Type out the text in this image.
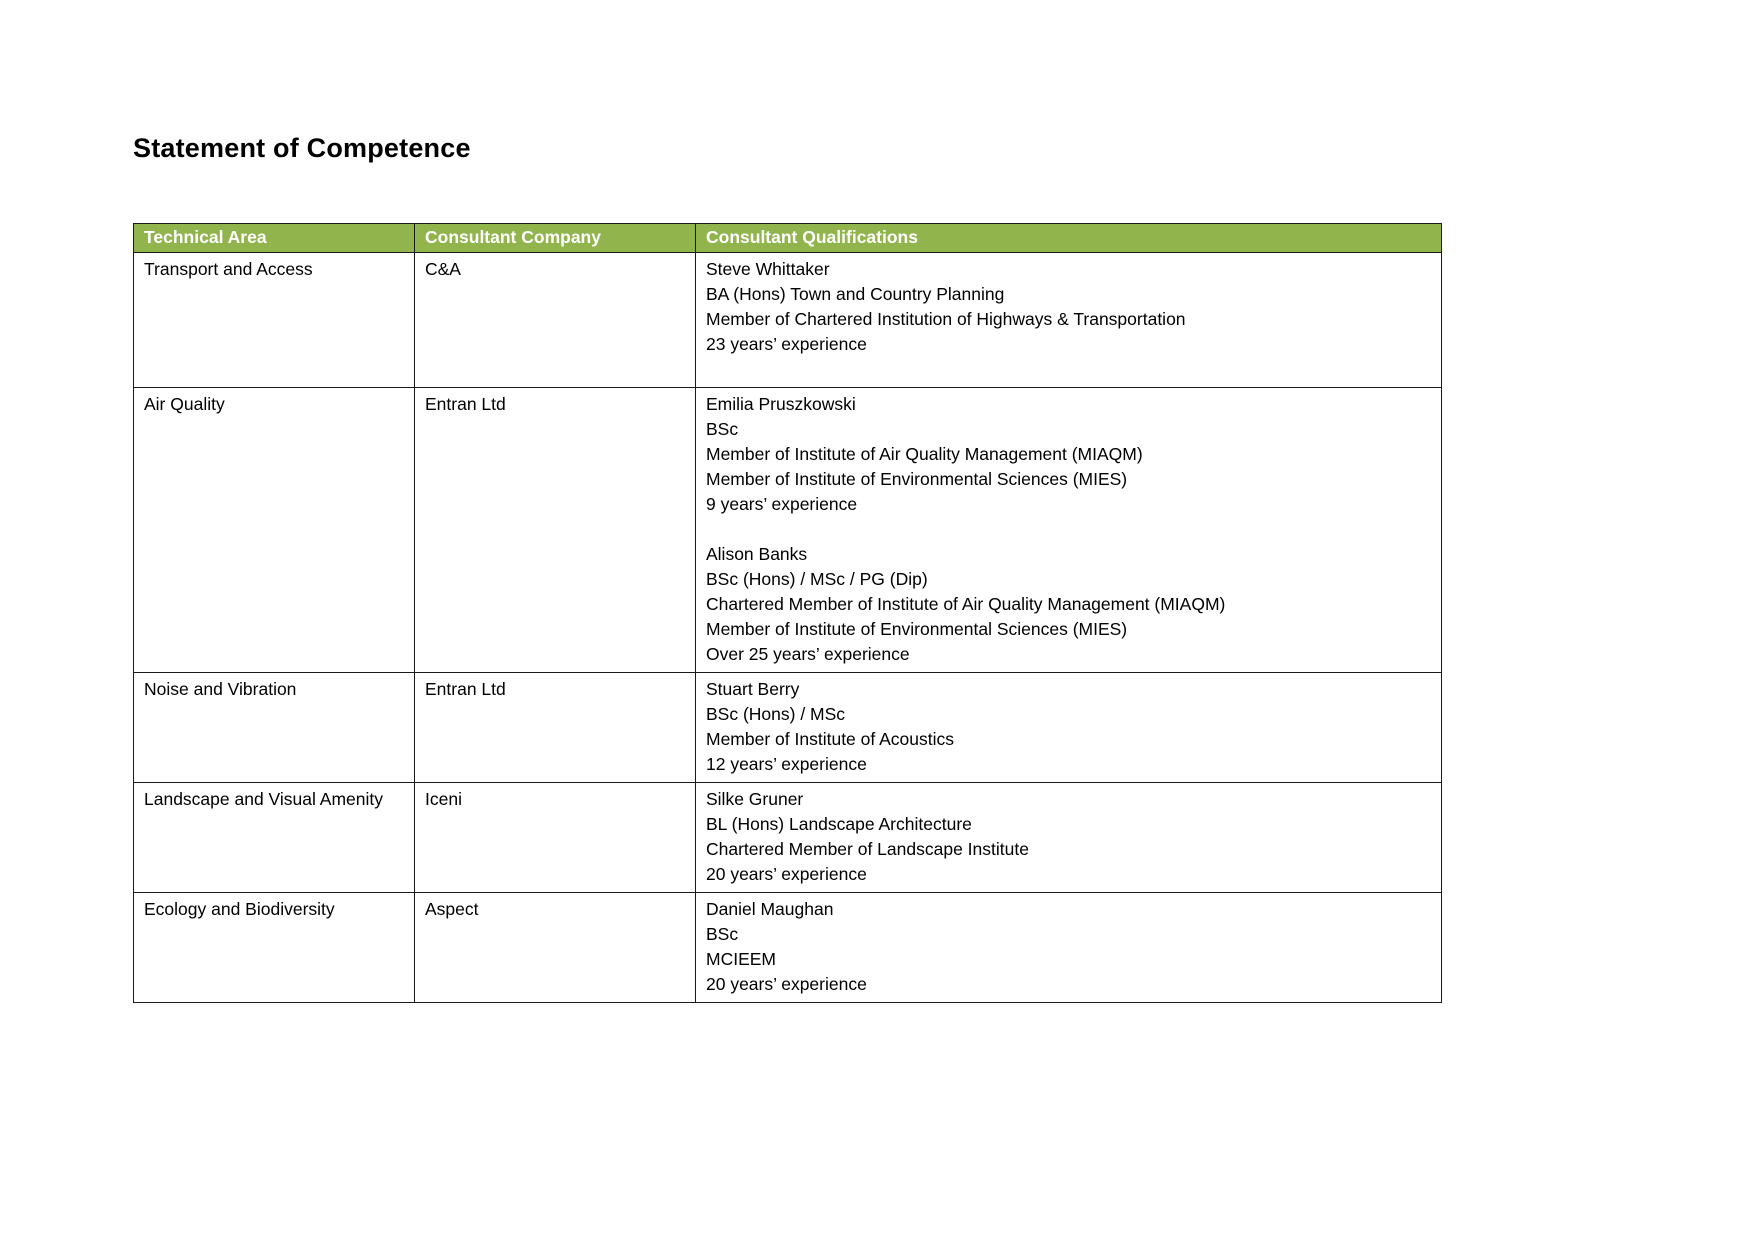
Statement of Competence
Technical Area	Consultant Company	Consultant Qualifications
Transport and Access	C&A	Steve Whittaker
BA (Hons) Town and Country Planning
Member of Chartered Institution of Highways & Transportation
23 years’ experience

Air Quality	Entran Ltd	Emilia Pruszkowski
BSc
Member of Institute of Air Quality Management (MIAQM)
Member of Institute of Environmental Sciences (MIES)
9 years’ experience
Alison Banks
BSc (Hons) / MSc / PG (Dip)
Chartered Member of Institute of Air Quality Management (MIAQM)
Member of Institute of Environmental Sciences (MIES)
Over 25 years’ experience

Noise and Vibration	Entran Ltd	Stuart Berry
BSc (Hons) / MSc
Member of Institute of Acoustics
12 years’ experience

Landscape and Visual Amenity	Iceni	Silke Gruner
BL (Hons) Landscape Architecture
Chartered Member of Landscape Institute
20 years’ experience

Ecology and Biodiversity	Aspect	Daniel Maughan
BSc
MCIEEM
20 years’ experience
